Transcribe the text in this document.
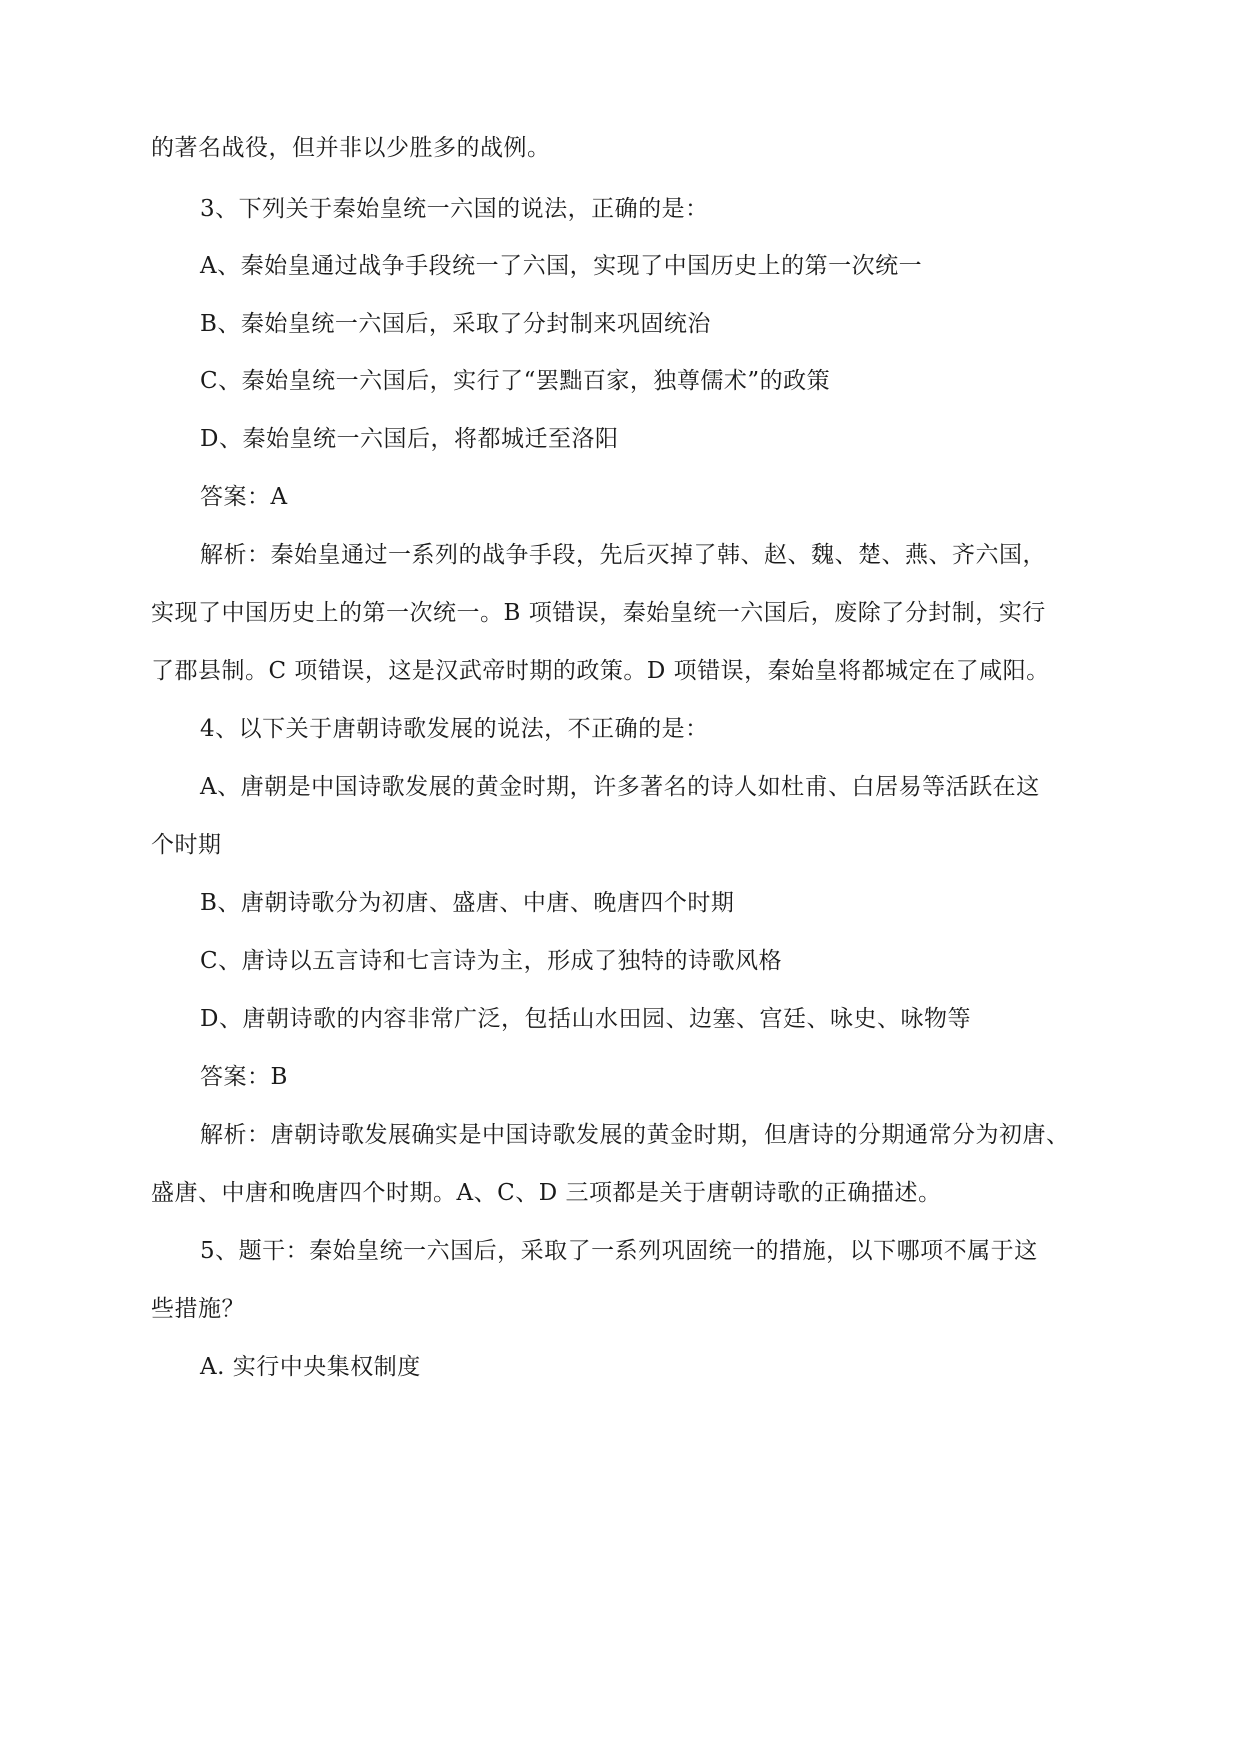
的著名战役，但并非以少胜多的战例。
3、下列关于秦始皇统一六国的说法，正确的是：
A、秦始皇通过战争手段统一了六国，实现了中国历史上的第一次统一
B、秦始皇统一六国后，采取了分封制来巩固统治
C、秦始皇统一六国后，实行了“罢黜百家，独尊儒术”的政策
D、秦始皇统一六国后，将都城迁至洛阳
答案：A
解析：秦始皇通过一系列的战争手段，先后灭掉了韩、赵、魏、楚、燕、齐六国，
实现了中国历史上的第一次统一。B 项错误，秦始皇统一六国后，废除了分封制，实行
了郡县制。C 项错误，这是汉武帝时期的政策。D 项错误，秦始皇将都城定在了咸阳。
4、以下关于唐朝诗歌发展的说法，不正确的是：
A、唐朝是中国诗歌发展的黄金时期，许多著名的诗人如杜甫、白居易等活跃在这
个时期
B、唐朝诗歌分为初唐、盛唐、中唐、晚唐四个时期
C、唐诗以五言诗和七言诗为主，形成了独特的诗歌风格
D、唐朝诗歌的内容非常广泛，包括山水田园、边塞、宫廷、咏史、咏物等
答案：B
解析：唐朝诗歌发展确实是中国诗歌发展的黄金时期，但唐诗的分期通常分为初唐、
盛唐、中唐和晚唐四个时期。A、C、D 三项都是关于唐朝诗歌的正确描述。
5、题干：秦始皇统一六国后，采取了一系列巩固统一的措施，以下哪项不属于这
些措施？
A. 实行中央集权制度
